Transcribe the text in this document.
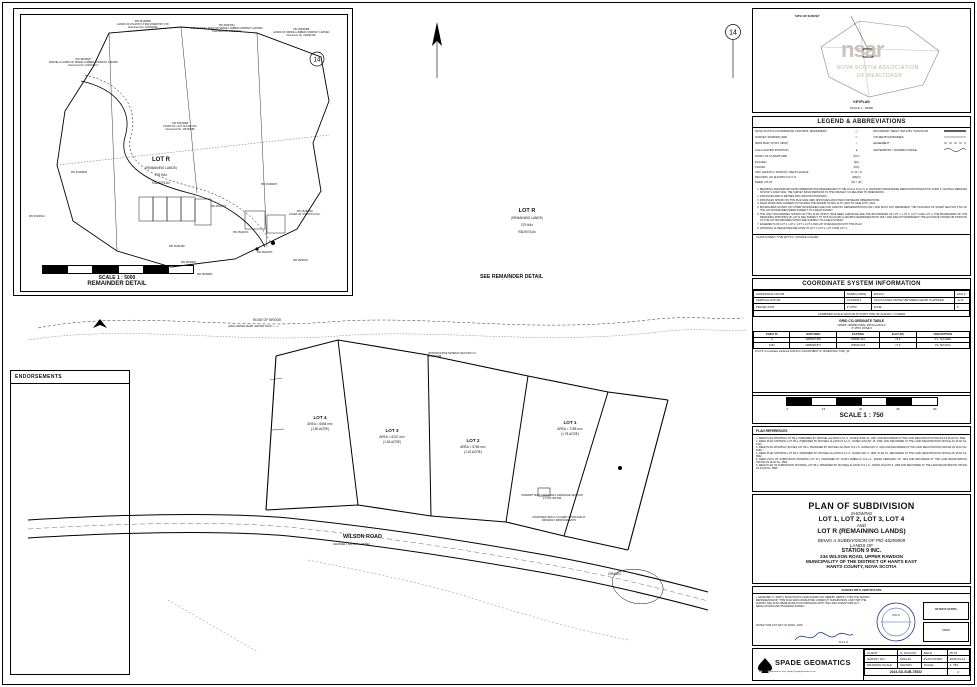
EDGE OF BROOK
(HIGH WATER MARK SHOWN THUS ——)
LOT 4
AREA = 6064 m²±
(1.50 ACRE)	LOT 3
AREA = 6247 m²±
(1.54 ACRE)	LOT 2
AREA = 5766 m²±
(1.42 ACRE)
LOT 1
AREA = 7198 m²±
(1.78 ACRE)
WILSON ROAD
(GRAVEL) (20.117m WIDE)
INTERMITTENT / SEASONAL DRAINAGE SECTION 2.6 STL/MT-MB
PROPOSED 450mm CULVERT INSTALLED AT DRIVEWAY IMPROVEMENTS
GRAVEL
WATERCOURSE SETBACK SECTION 2.6 STL/MT-MB
14
PID 45199688
LANDS OF ATLANTIC STAR FORESTRY LTD
Document No. 101842269
PID 45207861
LOT 89-1WP LANDS OF SPADE LUMBER COMPANY LIMITED
Document No. 103351157
PID 45230988
LANDS OF SPADE LUMBER COMPANY LIMITED
Document No. 102091102
PID 45199647
PARCEL A LANDS OF SPADE LUMBER COMPANY LIMITED
Document No. 102924-2-C
PID 45230996
LANDS OF J & D SOUSA INC.
Document No. 115794285
PID 45199639
PID 45130311
PID 45111089
PID 45199696
LANDS OF STATION 9 INC.
PID 45199670
PID 45199712
PID 45199720
PID 45199753
PID 45199761
PID 45199837
PID 45199845
LOT R
(REMAINING LANDS)
379 HA±
936.9076 A±
SCALE 1 : 5000
REMAINDER DETAIL
LOT R
(REMAINING LANDS)
379 HA±
936.9076 A±
SEE REMAINDER DETAIL
14
ENDORSEMENTS
SITE OF SURVEY
nsar
NOVA SCOTIA ASSOCIATION
OF REALTORS®
KEYPLAN
SCALE 1 : 25000
LEGEND & ABBREVIATIONS
NOVA SCOTIA COORDINATE CONTROL MONUMENT	△	BOUNDARY DEALT WITH BY THIS PLAN	
SURVEY MARKER (SM)	□	OTHER BOUNDARIES	
IRON BAR / POST (IB,IP)	○	EASEMENT	
CALCULATED POSITION	●	WATERBODY / WATERCOURSE	
POINT OF CURVATURE	(PC)		
PLACED	(PL)		
FOUND	(FD)		
ARC LENGTH / RADIUS / DELTA ANGLE	A / R / Δ		
RECORD, AS SHOWN N.S.C.S.	(REC)		
DEED / PLAT	(D) / (P)		
1. BEARINGS ARE DERIVED FROM OBSERVATIONS REFERENCED TO THE LOCAL N.S.C.S. E. MODIFIED TRANSVERSE MERCATOR PROJECTION, ZONE 5, CENTRAL MERIDIAN 63°00'00" LONGITUDE. THE SURVEY BASIS PERTAINS TO THE OPENLEY CO-RELATED TO DIMENSIONS.
2. DISTANCES ARE IN METRES AND GROUND DISTANCES.
3. DISTANCES SHOWN ON THIS PLAN ARE GRID DISTANCES ADJUSTED FOR MEANS OBSERVATIONS.
4. FIELD WORK WAS CARRIED OUT DURING THE PERIOD OF MAY 11TH, 2024 TO JUNE 12TH, 2024.
5. BOUNDARIES SHOWN ON OTHER BOUNDARIES ARE FOR GRAPHIC REPRESENTATION ONLY AND MUST NOT REPRESENT THE HOLDINGS OF SHARP SECTION 5.5% OF THE LOT BOUNDARIES WERE SUBJECT TO A FIELD SURVEY.
6. THE ONLY BOUNDARIES SHOWN ON THIS PLAN WHICH HAVE BEEN SURVEYED ARE THE BOUNDARIES OF LOT 1, LOT 2, LOT 3 AND LOT 4, THE BOUNDARIES OF THE REMAINING PORTIONS OF LOT R ARE SUBJECT TO THIS PLAN AND A GRAPHIC REPRESENTATION ONLY AND ARE NOT REPRESENT THE ACCURATE SHOWN OR POSITION OF THE LOT BOUNDARIES WHICH ARE SUBJECT TO A FIELD SURVEY.
7. EASEMENTS OF LOT 1, LOT 2, LOT 3, LOT 4 AND LOT R DESIGNATE WITH THIS PLAN.
8. APPROVAL IS REQUESTED RELATIVE TO LOT 1, LOT 2, LOT 3 AND LOT 4.
CLASS SURVEY TYPE ART B.C. SOURCE CAN-NET
COORDINATE SYSTEM INFORMATION
HORIZONTAL DATUM	NAD83 (CSRS)	EPOCH	2010.0
VERTICAL DATUM	CGVD2013	CALCULATED OFFSET BETWEEN GEOID IS APPLIED	-0.10
PROJECTION	3° MTM	ZONE	5
COMBINED SCALE FACTOR AT POINT SITE OF SURVEY = 0.99981			
GRID CO-ORDINATE TABLE
NAD83, NAD83(CSRS), EPOCH 2010.0
3° MTM, ZONE 5
POINT ID	NORTHING	EASTING	ELEV (M)	DESCRIPTION
A	4985697.855	255956.116	73.8	P.L. SQUARE
2184	4985699.877	255902.018	71.6	P/L SM (IES)
N.S.P.S. Co-ordinates published 2016.05.17 ADJUSTMENT: M. NUNEZ/NSCC STAK_SP
0	15	30	45	60
SCALE 1 : 750
PLAN REFERENCES
1. DEED PLAN SHOWING LOT 89-2, PREPARED BY MICHAEL ALLISON N.S.L.S., DATED JUNE 12, 1997, AND RECORDED AT THE LAND REGISTRATION OFFICE AS PLAN No. 5692.
2. DEED PLAN SHOWING LOT 89-1, PREPARED BY MICHAEL ALLISON N.S.L.S., DATED AUGUST 15, 1996, AND RECORDED AT THE LAND REGISTRATION OFFICE AS PLAN No. 5122.
3. DEED PLAN SHOWING HOUSES LOT 89-3, PREPARED BY MICHAEL ALLISON N.S.L.S., DATED MAY 6, 2002 AND RECORDED AT THE LAND REGISTRATION OFFICE AS PLAN No. 6448.
4. DEED PLAN SHOWING LOT 89-4, PREPARED BY MICHAEL ALLISON N.S.L.S., DATED MAY 6, 1999, PLAN No. RECORDED AT THE LAND REGISTRATION OFFICE AS PLAN No. 6522.
5. DEED PLAN OF SUBDIVISION SHOWING LOT R-1, PREPARED BY COSTA AMBULLS N.S.L.S., DATED FEBRUARY 25, 1991 AND RECORDED AT THE LAND REGISTRATION OFFICE AS PLAN No. 4563.
6. DEED PLAN OF SUBDIVISION SHOWING LOT 89-2, PREPARED BY MICHAEL ALLISON N.S.L.S., DATED AUGUST 6, 1996 AND RECORDED AT THE LAND REGISTRATION OFFICE AS PLAN No. 5594.
PLAN OF SUBDIVISION
SHOWING
LOT 1, LOT 2, LOT 3, LOT 4
AND
LOT R (REMAINING LANDS)
BEING A SUBDIVISION OF PID 45299509
LANDS OF
STATION 9 INC.
234 WILSON ROAD, UPPER RAWDON
MUNICIPALITY OF THE DISTRICT OF HANTS EAST
HANTS COUNTY, NOVA SCOTIA
SURVEYOR'S CERTIFICATE
I, GEOFFREY C. SMITH, NOVA SCOTIA LAND SURVEYOR, HEREBY CERTIFY THAT THE SURVEY REPRESENTED BY THIS PLAN WAS CONDUCTED UNDER MY SUPERVISION, AND THAT THE SURVEY AND PLAN WERE MADE IN ACCORDANCE WITH THE LAND SURVEYORS ACT, REGULATIONS AND STANDARD SURVEY.
DATED THIS 14ᵀᴴ DAY OF APRIL, 2025
N.S.L.S.
NSLS
OF NOVA SCOTIA
PBDM
SPADE GEOMATICS
www.spadegeomatics.com | spade@spadegeomatics.com
CLIENT	G. DUGUAY	FIELD	05.15
SURVEY NO.	1094-30	PLAN DATED	2025-04-14
DRAWING SCALE	SHOWN	SCALE	1: 750
2024-SD-SUB-75532			0
